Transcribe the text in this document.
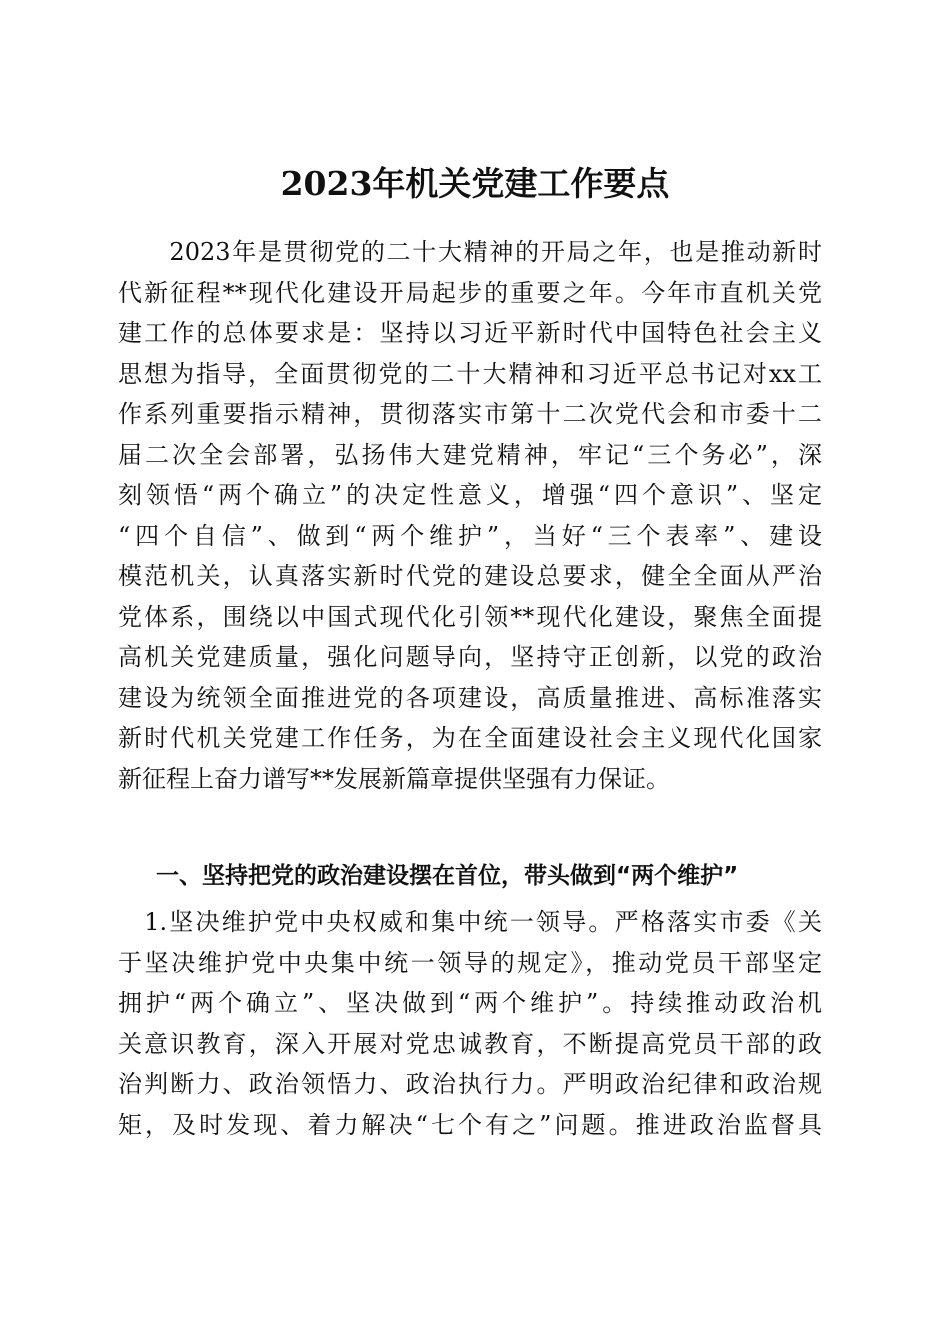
2023年机关党建工作要点
　　2023年是贯彻党的二十大精神的开局之年，也是推动新时
代新征程**现代化建设开局起步的重要之年。今年市直机关党
建工作的总体要求是：坚持以习近平新时代中国特色社会主义
思想为指导，全面贯彻党的二十大精神和习近平总书记对xx工
作系列重要指示精神，贯彻落实市第十二次党代会和市委十二
届二次全会部署，弘扬伟大建党精神，牢记“三个务必”，深
刻领悟“两个确立”的决定性意义，增强“四个意识”、坚定
“四个自信”、做到“两个维护”，当好“三个表率”、建设
模范机关，认真落实新时代党的建设总要求，健全全面从严治
党体系，围绕以中国式现代化引领**现代化建设，聚焦全面提
高机关党建质量，强化问题导向，坚持守正创新，以党的政治
建设为统领全面推进党的各项建设，高质量推进、高标准落实
新时代机关党建工作任务，为在全面建设社会主义现代化国家
新征程上奋力谱写**发展新篇章提供坚强有力保证。
一、坚持把党的政治建设摆在首位，带头做到“两个维护”
　1.坚决维护党中央权威和集中统一领导。严格落实市委《关
于坚决维护党中央集中统一领导的规定》，推动党员干部坚定
拥护“两个确立”、坚决做到“两个维护”。持续推动政治机
关意识教育，深入开展对党忠诚教育，不断提高党员干部的政
治判断力、政治领悟力、政治执行力。严明政治纪律和政治规
矩，及时发现、着力解决“七个有之”问题。推进政治监督具
